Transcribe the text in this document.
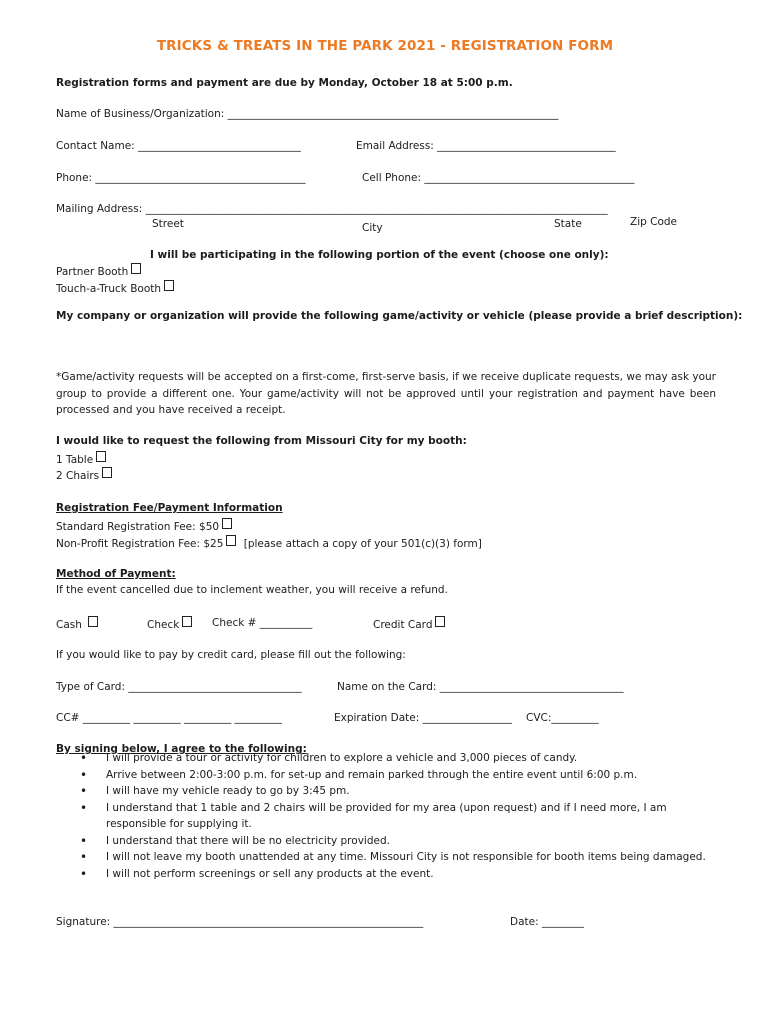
TRICKS & TREATS IN THE PARK 2021 - REGISTRATION FORM
Registration forms and payment are due by Monday, October 18 at 5:00 p.m.
Name of Business/Organization: _______________________________________________________________
Contact Name: _______________________________	Email Address: __________________________________
Phone: ________________________________________	Cell Phone: ________________________________________
Mailing Address: ________________________________________________________________________________________
Street	City	State	Zip Code
I will be participating in the following portion of the event (choose one only):
Partner Booth
Touch-a-Truck Booth
My company or organization will provide the following game/activity or vehicle (please provide a brief description):
*Game/activity requests will be accepted on a first-come, first-serve basis, if we receive duplicate requests, we may ask your group to provide a different one. Your game/activity will not be approved until your registration and payment have been processed and you have received a receipt.
I would like to request the following from Missouri City for my booth:
1 Table
2 Chairs
Registration Fee/Payment Information
Standard Registration Fee: $50
Non-Profit Registration Fee: $25 [please attach a copy of your 501(c)(3) form]
Method of Payment:
If the event cancelled due to inclement weather, you will receive a refund.
Cash	Check	Check # __________	Credit Card
If you would like to pay by credit card, please fill out the following:
Type of Card: _________________________________	Name on the Card: ___________________________________
CC# _________ _________ _________ _________	Expiration Date: _________________ CVC:_________
By signing below, I agree to the following:
• I will provide a tour or activity for children to explore a vehicle and 3,000 pieces of candy.
• Arrive between 2:00-3:00 p.m. for set-up and remain parked through the entire event until 6:00 p.m.
• I will have my vehicle ready to go by 3:45 pm.
• I understand that 1 table and 2 chairs will be provided for my area (upon request) and if I need more, I am responsible for supplying it.
• I understand that there will be no electricity provided.
• I will not leave my booth unattended at any time. Missouri City is not responsible for booth items being damaged.
• I will not perform screenings or sell any products at the event.
Signature: ___________________________________________________________	Date: ________
